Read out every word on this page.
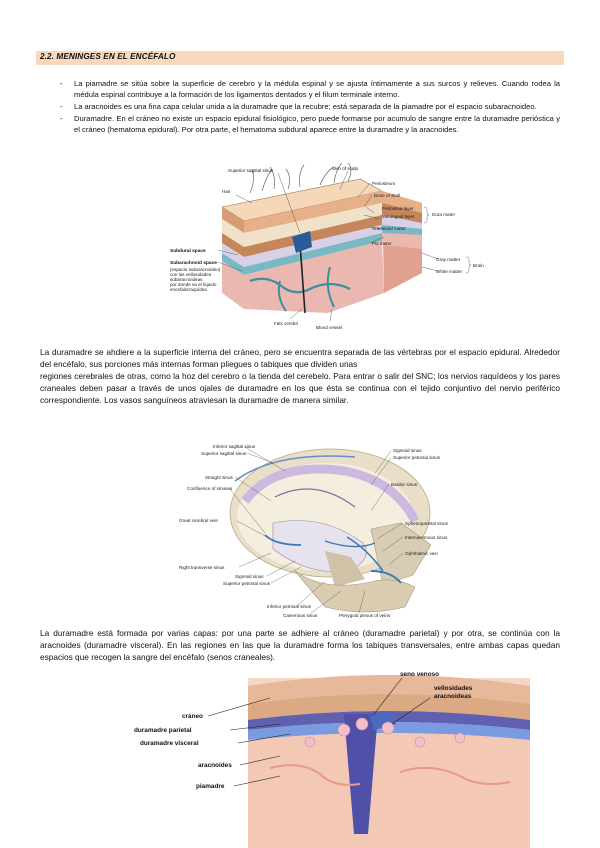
2.2. MENINGES EN EL ENCÉFALO
- La piamadre se sitúa sobre la superficie de cerebro y la médula espinal y se ajusta íntimamente a sus surcos y relieves. Cuando rodea la médula espinal contribuye a la formación de los ligamentos dentados y el filum terminale interno.
- La aracnoides es una fina capa celular unida a la duramadre que la recubre; está separada de la piamadre por el espacio subaracnoideo.
- Duramadre. En el cráneo no existe un espacio epidural fisiológico, pero puede formarse por acumulo de sangre entre la duramadre perióstica y el cráneo (hematoma epidural). Por otra parte, el hematoma subdural aparece entre la duramadre y la aracnoides.
Superior sagittal sinus	Skin of scalp
Hair
Periosteum
Bone of skull
Periosteal layer
Meningeal layer	Dura mater
Arachnoid mater
Pia mater
Gray matter
White matter
Brain
Subdural space
Subarachnoid space
(espacio subaracnoideo)
con las vellosidades
subaracnoideas
por donde va el líquido
encefalorraquídeo
Falx cerebri
Blood vessel

La duramadre se ahdiere a la superficie interna del cráneo, pero se encuentra separada de las vértebras por el espacio epidural. Alrededor del encéfalo, sus porciones más internas forman pliegues o tabiques que dividen unas
regiones cerebrales de otras, como la hoz del cerebro o la tienda del cerebelo. Para entrar o salir del SNC; los nervios raquídeos y los pares craneales deben pasar a través de unos ojales de duramadre en los que ésta se continua con el tejido conjuntivo del nervio periférico correspondiente. Los vasos sanguíneos atraviesan la duramadre de manera similar.

Inferior sagittal sinus
Superior sagittal sinus
Straight sinus
Confluence of sinuses
Great cerebral vein
Right transverse sinus
Sigmoid sinus
Superior petrosal sinus
Inferior petrosal sinus
Cavernous sinus	Pterygoid plexus of veins
Sigmoid sinus
Superior petrosal sinus
Basilar sinus
Sphenoparietal sinus
Intercavernous sinus
Ophthalmic vein

La duramadre está formada por varias capas: por una parte se adhiere al cráneo (duramadre parietal) y por otra, se continúa con la aracnoides (duramadre visceral). En las regiones en las que la duramadre forma los tabiques transversales, entre ambas capas quedan espacios que recogen la sangre del encéfalo (senos craneales).

seno venoso
vellosidades
aracnoideas
cráneo
duramadre parietal
duramadre visceral
aracnoides
piamadre
